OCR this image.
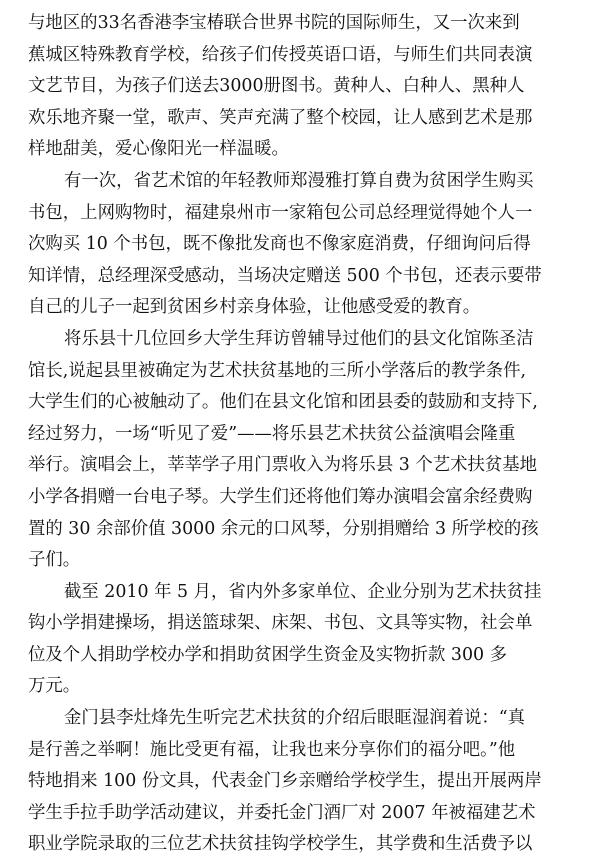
与地区的33名香港李宝椿联合世界书院的国际师生，又一次来到
蕉城区特殊教育学校，给孩子们传授英语口语，与师生们共同表演
文艺节目，为孩子们送去3000册图书。黄种人、白种人、黑种人
欢乐地齐聚一堂，歌声、笑声充满了整个校园，让人感到艺术是那
样地甜美，爱心像阳光一样温暖。
有一次，省艺术馆的年轻教师郑漫雅打算自费为贫困学生购买
书包，上网购物时，福建泉州市一家箱包公司总经理觉得她个人一
次购买 10 个书包，既不像批发商也不像家庭消费，仔细询问后得
知详情，总经理深受感动，当场决定赠送 500 个书包，还表示要带
自己的儿子一起到贫困乡村亲身体验，让他感受爱的教育。
将乐县十几位回乡大学生拜访曾辅导过他们的县文化馆陈圣洁
馆长,说起县里被确定为艺术扶贫基地的三所小学落后的教学条件,
大学生们的心被触动了。他们在县文化馆和团县委的鼓励和支持下,
经过努力，一场“听见了爱”——将乐县艺术扶贫公益演唱会隆重
举行。演唱会上，莘莘学子用门票收入为将乐县 3 个艺术扶贫基地
小学各捐赠一台电子琴。大学生们还将他们筹办演唱会富余经费购
置的 30 余部价值 3000 余元的口风琴，分别捐赠给 3 所学校的孩
子们。
截至 2010 年 5 月，省内外多家单位、企业分别为艺术扶贫挂
钩小学捐建操场，捐送篮球架、床架、书包、文具等实物，社会单
位及个人捐助学校办学和捐助贫困学生资金及实物折款 300 多
万元。
金门县李灶烽先生听完艺术扶贫的介绍后眼眶湿润着说：“真
是行善之举啊！施比受更有福，让我也来分享你们的福分吧。”他
特地捐来 100 份文具，代表金门乡亲赠给学校学生，提出开展两岸
学生手拉手助学活动建议，并委托金门酒厂对 2007 年被福建艺术
职业学院录取的三位艺术扶贫挂钩学校学生，其学费和生活费予以
